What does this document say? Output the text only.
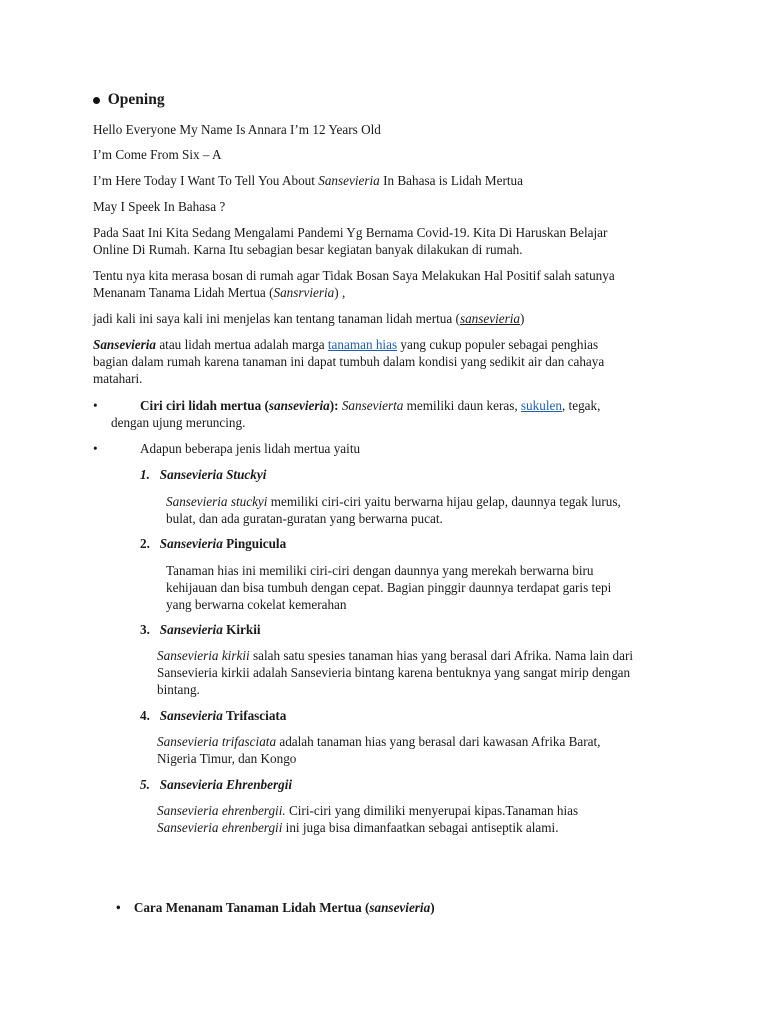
Opening
Hello Everyone My Name Is Annara I’m 12 Years Old
I’m Come From Six – A
I’m Here Today I Want To Tell You About Sansevieria In Bahasa is Lidah Mertua
May I Speek In Bahasa ?
Pada Saat Ini Kita Sedang Mengalami Pandemi Yg Bernama Covid-19. Kita Di Haruskan Belajar
Online Di Rumah. Karna Itu sebagian besar kegiatan banyak dilakukan di rumah.
Tentu nya kita merasa bosan di rumah agar Tidak Bosan Saya Melakukan Hal Positif salah satunya
Menanam Tanama Lidah Mertua (Sansrvieria) ,
jadi kali ini saya kali ini menjelas kan tentang tanaman lidah mertua (sansevieria)
Sansevieria atau lidah mertua adalah marga tanaman hias yang cukup populer sebagai penghias
bagian dalam rumah karena tanaman ini dapat tumbuh dalam kondisi yang sedikit air dan cahaya
matahari.
•	Ciri ciri lidah mertua (sansevieria): Sansevierta memiliki daun keras, sukulen, tegak,
dengan ujung meruncing.
•	Adapun beberapa jenis lidah mertua yaitu
1. Sansevieria Stuckyi
Sansevieria stuckyi memiliki ciri-ciri yaitu berwarna hijau gelap, daunnya tegak lurus,
bulat, dan ada guratan-guratan yang berwarna pucat.
2. Sansevieria Pinguicula
Tanaman hias ini memiliki ciri-ciri dengan daunnya yang merekah berwarna biru
kehijauan dan bisa tumbuh dengan cepat. Bagian pinggir daunnya terdapat garis tepi
yang berwarna cokelat kemerahan
3. Sansevieria Kirkii
Sansevieria kirkii salah satu spesies tanaman hias yang berasal dari Afrika. Nama lain dari
Sansevieria kirkii adalah Sansevieria bintang karena bentuknya yang sangat mirip dengan
bintang.
4. Sansevieria Trifasciata
Sansevieria trifasciata adalah tanaman hias yang berasal dari kawasan Afrika Barat,
Nigeria Timur, dan Kongo
5. Sansevieria Ehrenbergii
Sansevieria ehrenbergii. Ciri-ciri yang dimiliki menyerupai kipas.Tanaman hias
Sansevieria ehrenbergii ini juga bisa dimanfaatkan sebagai antiseptik alami.
•    Cara Menanam Tanaman Lidah Mertua (sansevieria)
